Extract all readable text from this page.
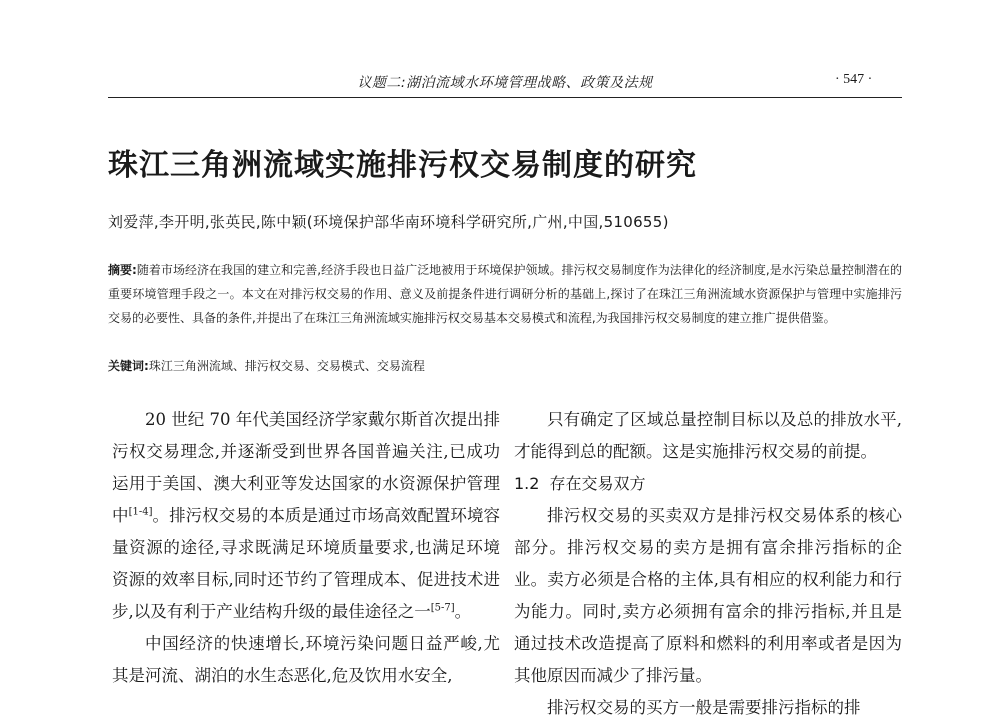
议题二:湖泊流域水环境管理战略、政策及法规	· 547 ·
珠江三角洲流域实施排污权交易制度的研究
刘爱萍,李开明,张英民,陈中颖(环境保护部华南环境科学研究所,广州,中国,510655)
摘要:随着市场经济在我国的建立和完善,经济手段也日益广泛地被用于环境保护领域。排污权交易制度作为法律化的经济制度,是水污染总量控制潜在的重要环境管理手段之一。本文在对排污权交易的作用、意义及前提条件进行调研分析的基础上,探讨了在珠江三角洲流域水资源保护与管理中实施排污交易的必要性、具备的条件,并提出了在珠江三角洲流域实施排污权交易基本交易模式和流程,为我国排污权交易制度的建立推广提供借鉴。
关键词:珠江三角洲流域、排污权交易、交易模式、交易流程

20 世纪 70 年代美国经济学家戴尔斯首次提出排污权交易理念,并逐渐受到世界各国普遍关注,已成功运用于美国、澳大利亚等发达国家的水资源保护管理中[1-4]。排污权交易的本质是通过市场高效配置环境容量资源的途径,寻求既满足环境质量要求,也满足环境资源的效率目标,同时还节约了管理成本、促进技术进步,以及有利于产业结构升级的最佳途径之一[5-7]。

中国经济的快速增长,环境污染问题日益严峻,尤其是河流、湖泊的水生态恶化,危及饮用水安全,

只有确定了区域总量控制目标以及总的排放水平,才能得到总的配额。这是实施排污权交易的前提。

1.2 存在交易双方

排污权交易的买卖双方是排污权交易体系的核心部分。排污权交易的卖方是拥有富余排污指标的企业。卖方必须是合格的主体,具有相应的权利能力和行为能力。同时,卖方必须拥有富余的排污指标,并且是通过技术改造提高了原料和燃料的利用率或者是因为其他原因而减少了排污量。

排污权交易的买方一般是需要排污指标的排
